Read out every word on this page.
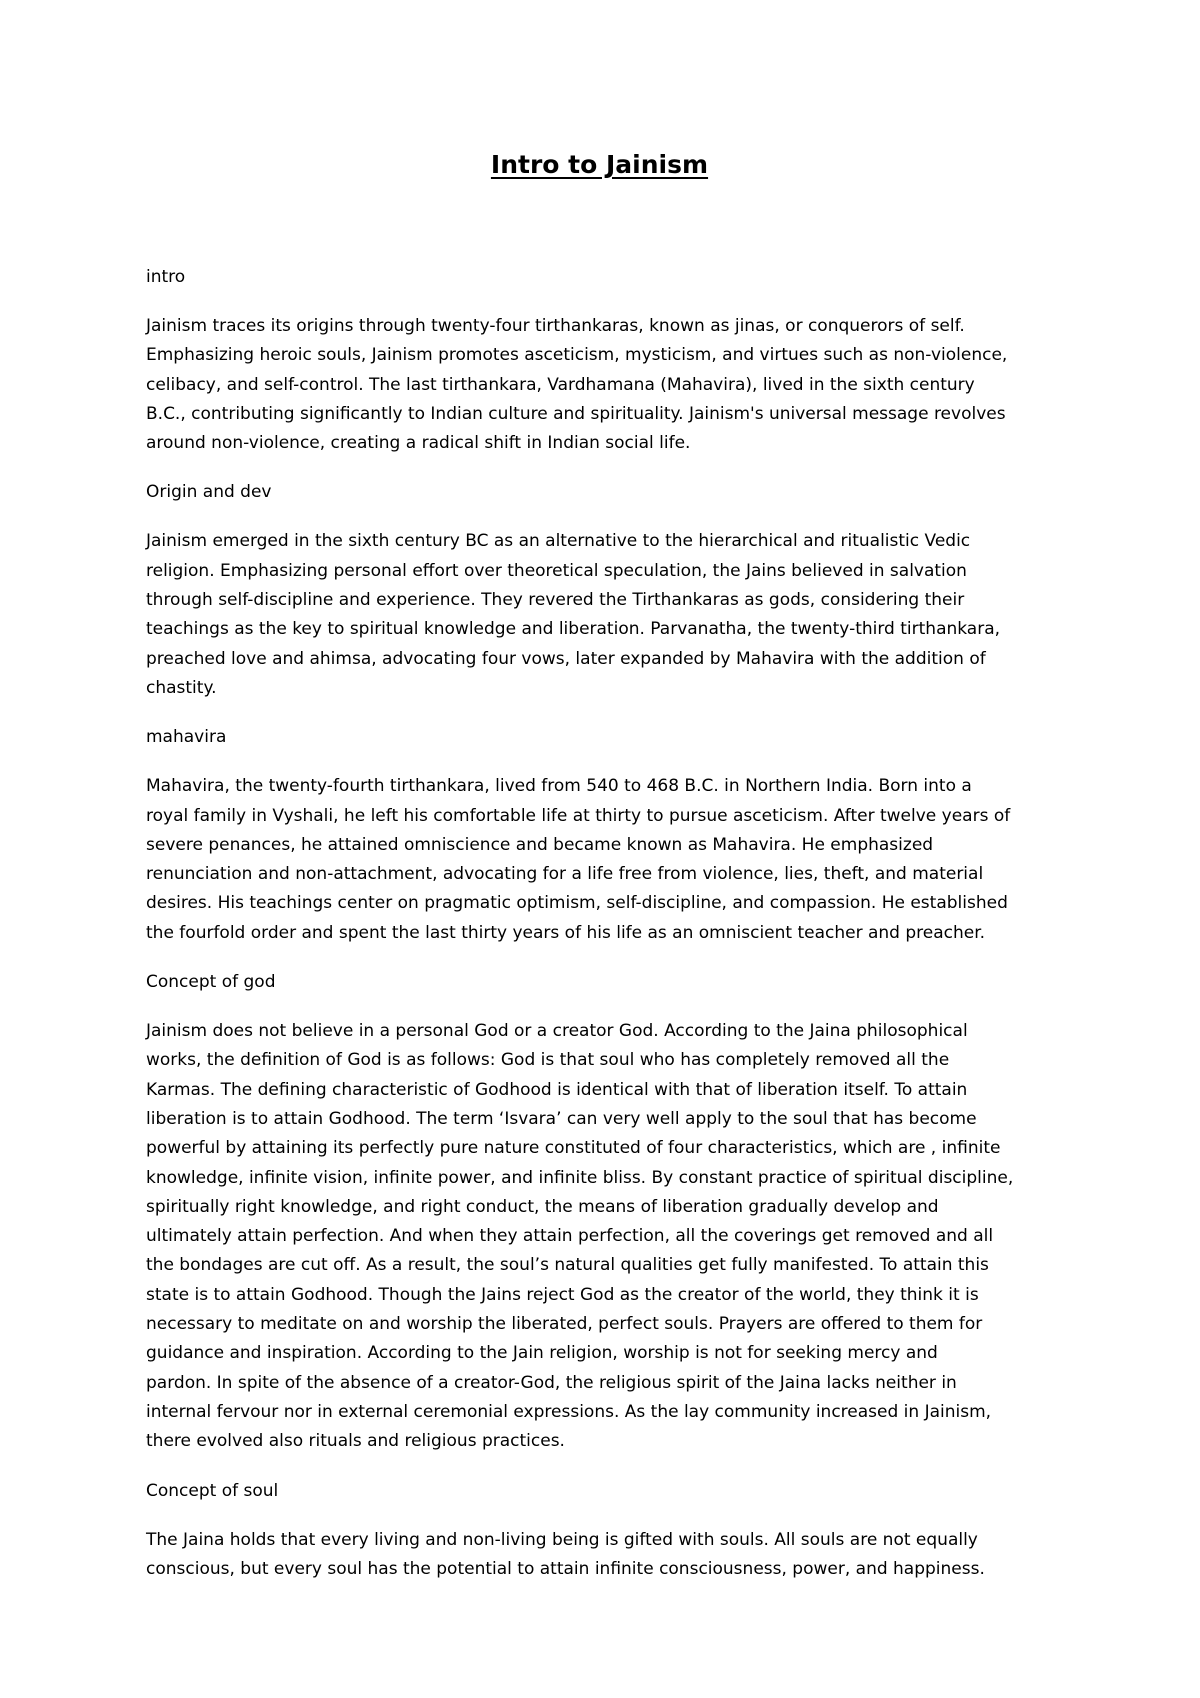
Intro to Jainism

intro

Jainism traces its origins through twenty-four tirthankaras, known as jinas, or conquerors of self.
Emphasizing heroic souls, Jainism promotes asceticism, mysticism, and virtues such as non-violence,
celibacy, and self-control. The last tirthankara, Vardhamana (Mahavira), lived in the sixth century
B.C., contributing significantly to Indian culture and spirituality. Jainism's universal message revolves
around non-violence, creating a radical shift in Indian social life.

Origin and dev

Jainism emerged in the sixth century BC as an alternative to the hierarchical and ritualistic Vedic
religion. Emphasizing personal effort over theoretical speculation, the Jains believed in salvation
through self-discipline and experience. They revered the Tirthankaras as gods, considering their
teachings as the key to spiritual knowledge and liberation. Parvanatha, the twenty-third tirthankara,
preached love and ahimsa, advocating four vows, later expanded by Mahavira with the addition of
chastity.

mahavira

Mahavira, the twenty-fourth tirthankara, lived from 540 to 468 B.C. in Northern India. Born into a
royal family in Vyshali, he left his comfortable life at thirty to pursue asceticism. After twelve years of
severe penances, he attained omniscience and became known as Mahavira. He emphasized
renunciation and non-attachment, advocating for a life free from violence, lies, theft, and material
desires. His teachings center on pragmatic optimism, self-discipline, and compassion. He established
the fourfold order and spent the last thirty years of his life as an omniscient teacher and preacher.

Concept of god

Jainism does not believe in a personal God or a creator God. According to the Jaina philosophical
works, the definition of God is as follows: God is that soul who has completely removed all the
Karmas. The defining characteristic of Godhood is identical with that of liberation itself. To attain
liberation is to attain Godhood. The term ‘Isvara’ can very well apply to the soul that has become
powerful by attaining its perfectly pure nature constituted of four characteristics, which are , infinite
knowledge, infinite vision, infinite power, and infinite bliss. By constant practice of spiritual discipline,
spiritually right knowledge, and right conduct, the means of liberation gradually develop and
ultimately attain perfection. And when they attain perfection, all the coverings get removed and all
the bondages are cut off. As a result, the soul’s natural qualities get fully manifested. To attain this
state is to attain Godhood. Though the Jains reject God as the creator of the world, they think it is
necessary to meditate on and worship the liberated, perfect souls. Prayers are offered to them for
guidance and inspiration. According to the Jain religion, worship is not for seeking mercy and
pardon. In spite of the absence of a creator-God, the religious spirit of the Jaina lacks neither in
internal fervour nor in external ceremonial expressions. As the lay community increased in Jainism,
there evolved also rituals and religious practices.

Concept of soul

The Jaina holds that every living and non-living being is gifted with souls. All souls are not equally
conscious, but every soul has the potential to attain infinite consciousness, power, and happiness.
